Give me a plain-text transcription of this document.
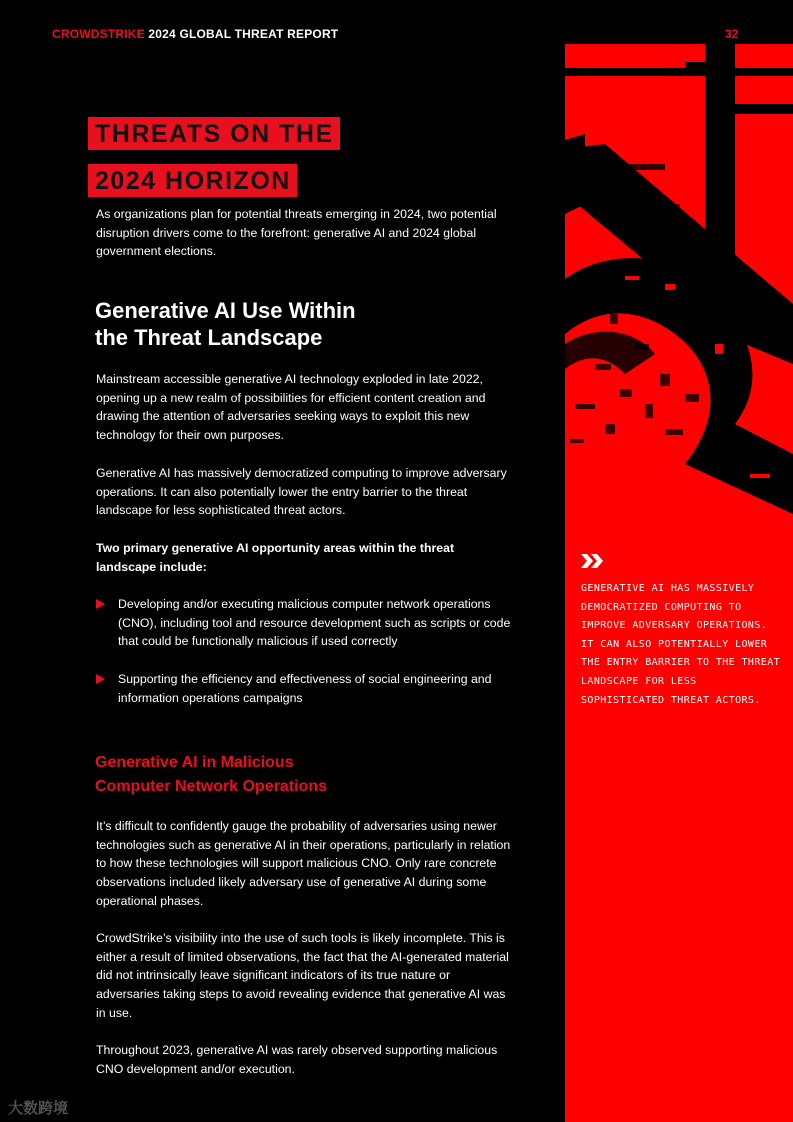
CROWDSTRIKE 2024 GLOBAL THREAT REPORT	32
THREATS ON THE
2024 HORIZON
As organizations plan for potential threats emerging in 2024, two potential disruption drivers come to the forefront: generative AI and 2024 global government elections.
Generative AI Use Within
the Threat Landscape
Mainstream accessible generative AI technology exploded in late 2022, opening up a new realm of possibilities for efficient content creation and drawing the attention of adversaries seeking ways to exploit this new technology for their own purposes.
Generative AI has massively democratized computing to improve adversary operations. It can also potentially lower the entry barrier to the threat landscape for less sophisticated threat actors.
Two primary generative AI opportunity areas within the threat landscape include:
Developing and/or executing malicious computer network operations (CNO), including tool and resource development such as scripts or code that could be functionally malicious if used correctly
Supporting the efficiency and effectiveness of social engineering and information operations campaigns
Generative AI in Malicious
Computer Network Operations
It’s difficult to confidently gauge the probability of adversaries using newer technologies such as generative AI in their operations, particularly in relation to how these technologies will support malicious CNO. Only rare concrete observations included likely adversary use of generative AI during some operational phases.
CrowdStrike’s visibility into the use of such tools is likely incomplete. This is either a result of limited observations, the fact that the AI-generated material did not intrinsically leave significant indicators of its true nature or adversaries taking steps to avoid revealing evidence that generative AI was in use.
Throughout 2023, generative AI was rarely observed supporting malicious CNO development and/or execution.
GENERATIVE AI HAS MASSIVELY DEMOCRATIZED COMPUTING TO IMPROVE ADVERSARY OPERATIONS. IT CAN ALSO POTENTIALLY LOWER THE ENTRY BARRIER TO THE THREAT LANDSCAPE FOR LESS SOPHISTICATED THREAT ACTORS.
大数跨境
